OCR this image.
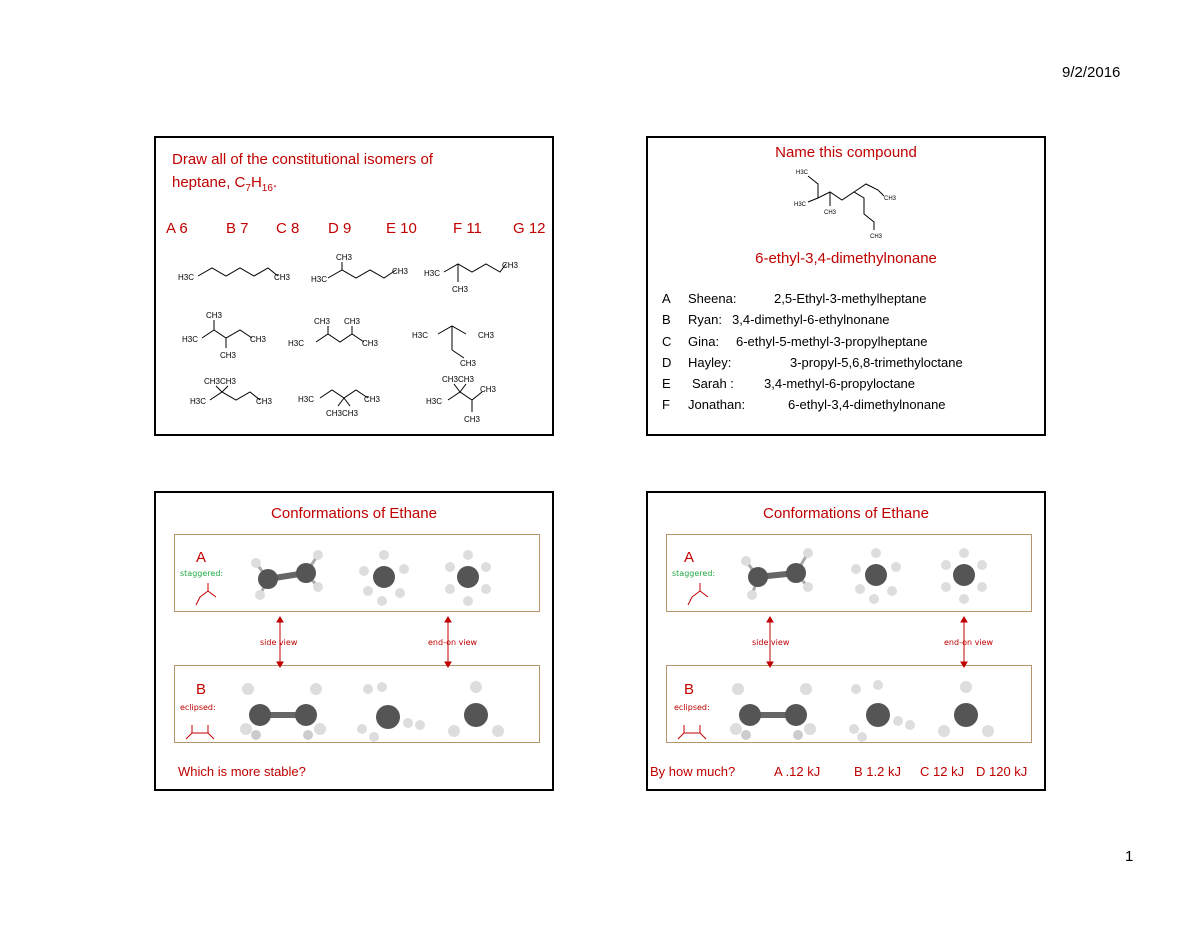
9/2/2016
1
Draw all of the constitutional isomers of
heptane, $C_7H_{16}$.
A 6	B 7 C 8 D 9 E 10 F 11 G 12
H3C	CH3	H3C
CH3
CH3 H3C
CH3
CH3
CH3
H3C	CH3
CH3
CH3 CH3
H3C	CH3
H3C	CH3
CH3
CH3CH3
H3C	CH3	H3C	CH3
CH3CH3
CH3CH3
H3C
CH3
CH3
Name this compound
H3C
H3C
CH3
CH3
CH3
6-ethyl-3,4-dimethylnonane
A Sheena:	2,5-Ethyl-3-methylheptane
B Ryan: 3,4-dimethyl-6-ethylnonane
C Gina: 6-ethyl-5-methyl-3-propylheptane
D Hayley:	3-propyl-5,6,8-trimethyloctane
E Sarah : 3,4-methyl-6-propyloctane
F Jonathan:	6-ethyl-3,4-dimethylnonane
Conformations of Ethane
A
B
staggered:
eclipsed:
side view	end-on view
Which is more stable?
Conformations of Ethane
A
B
staggered:
eclipsed:
side view	end-on view
By how much?	A .12 kJ	B 1.2 kJ C 12 kJ D 120 kJ
